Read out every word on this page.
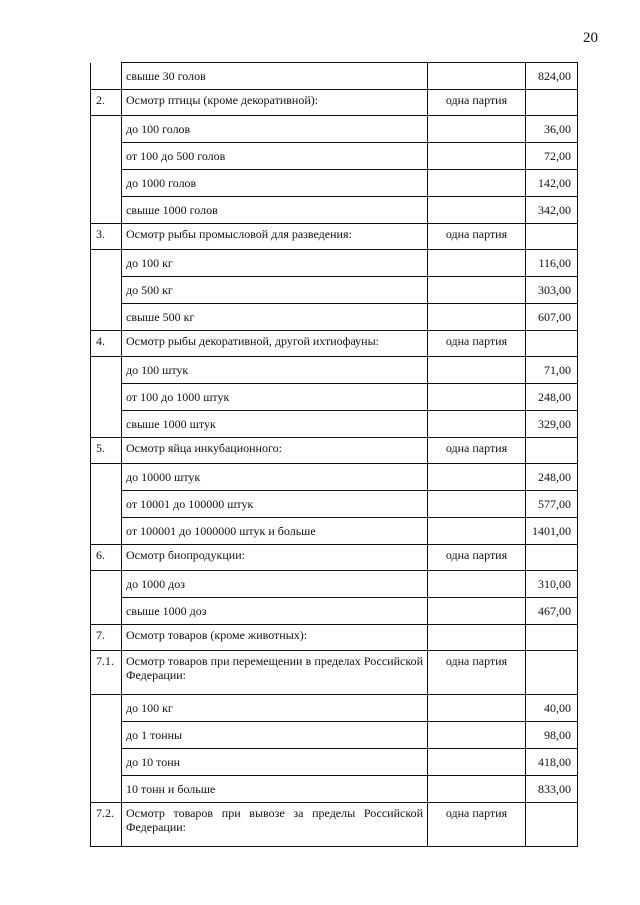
20
	свыше 30 голов		824,00
2.	Осмотр птицы (кроме декоративной):	одна партия	
	до 100 голов		36,00
	от 100 до 500 голов		72,00
	до 1000 голов		142,00
	свыше 1000 голов		342,00
3.	Осмотр рыбы промысловой для разведения:	одна партия	
	до 100 кг		116,00
	до 500 кг		303,00
	свыше 500 кг		607,00
4.	Осмотр рыбы декоративной, другой ихтиофауны:	одна партия	
	до 100 штук		71,00
	от 100 до 1000 штук		248,00
	свыше 1000 штук		329,00
5.	Осмотр яйца инкубационного:	одна партия	
	до 10000 штук		248,00
	от 10001 до 100000 штук		577,00
	от 100001 до 1000000 штук и больше		1401,00
6.	Осмотр биопродукции:	одна партия	
	до 1000 доз		310,00
	свыше 1000 доз		467,00
7.	Осмотр товаров (кроме животных):		
7.1.	Осмотр товаров при перемещении в пределах Российской Федерации:	одна партия	
	до 100 кг		40,00
	до 1 тонны		98,00
	до 10 тонн		418,00
	10 тонн и больше		833,00
7.2.	Осмотр товаров при вывозе за пределы Российской Федерации:	одна партия	
